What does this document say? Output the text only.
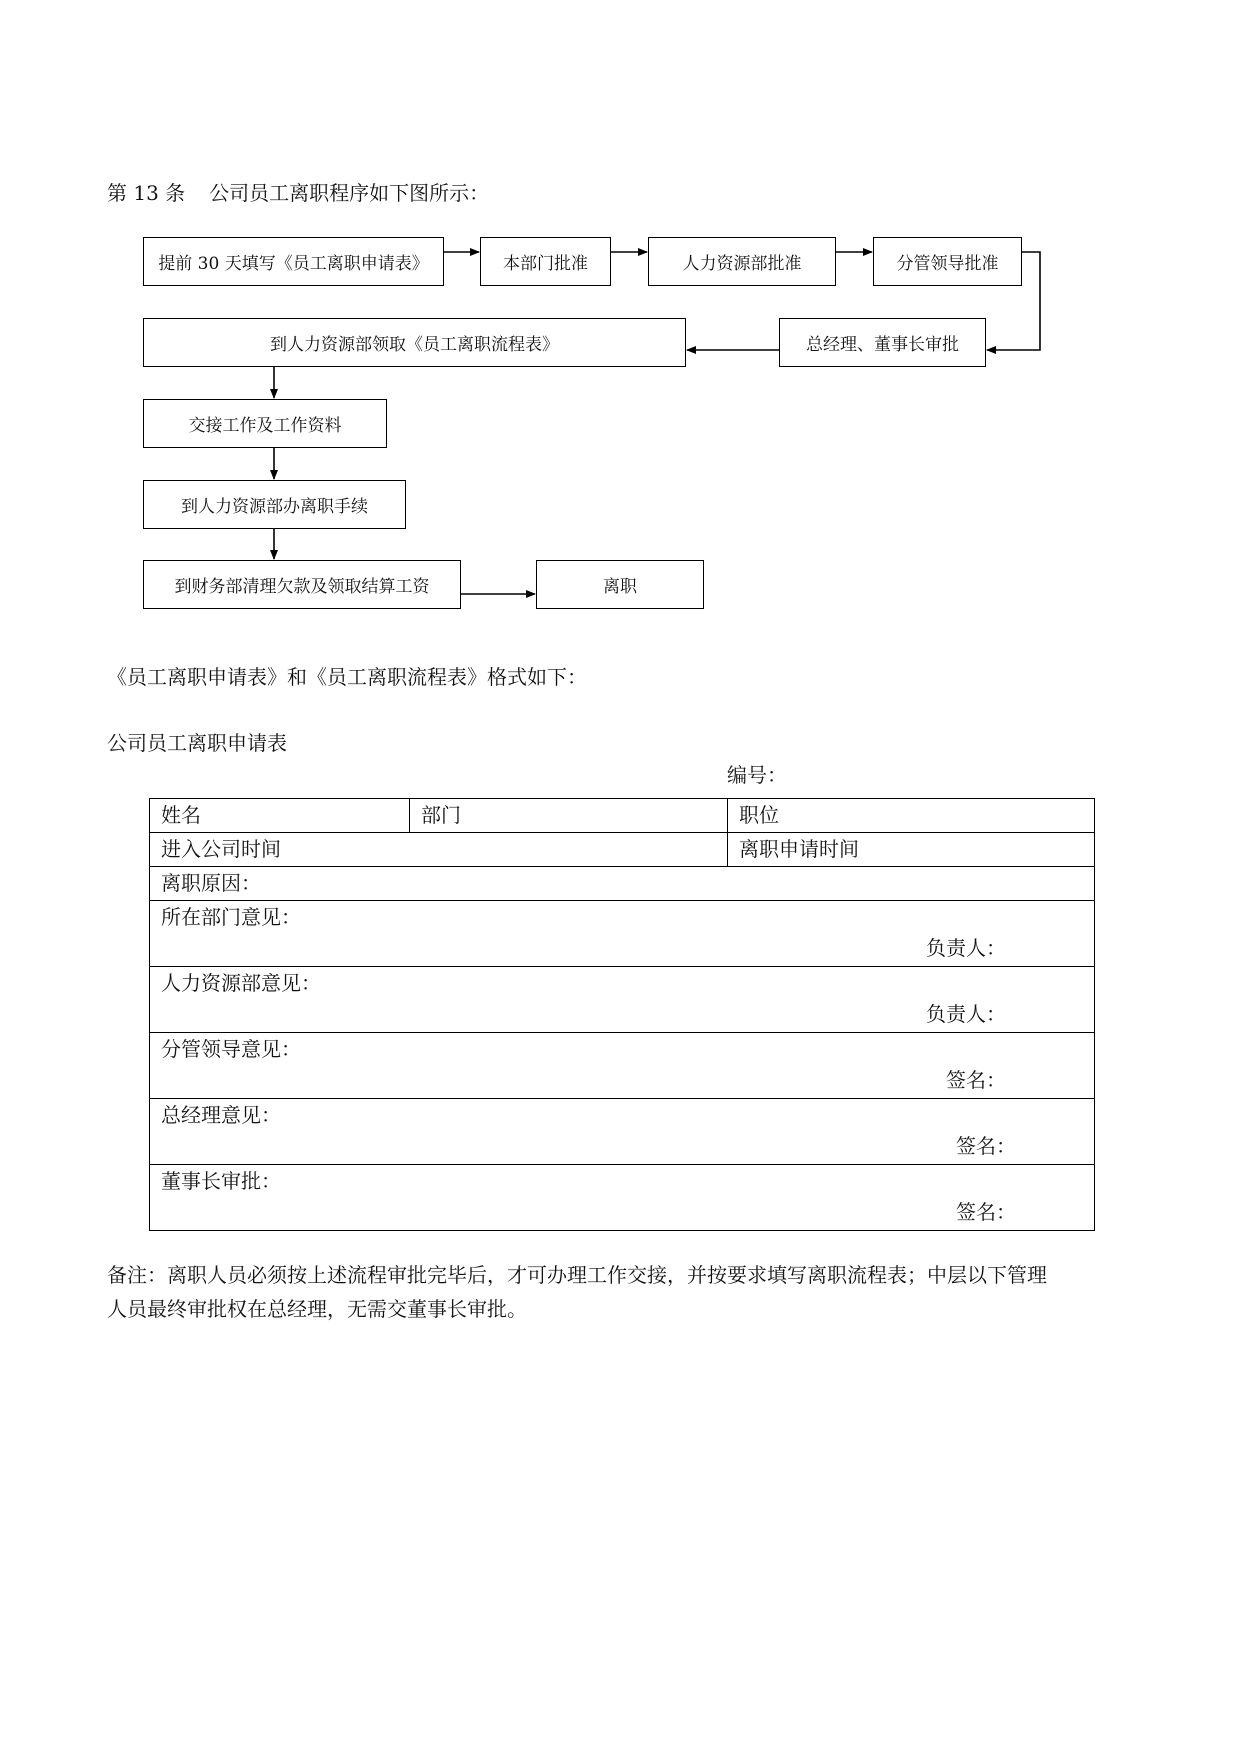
第 13 条 公司员工离职程序如下图所示：
提前 30 天填写《员工离职申请表》	本部门批准	人力资源部批准	分管领导批准
总经理、董事长审批
到人力资源部领取《员工离职流程表》
交接工作及工作资料
到人力资源部办离职手续
到财务部清理欠款及领取结算工资	离职
《员工离职申请表》和《员工离职流程表》格式如下：
公司员工离职申请表
编号：
姓名	部门	职位
进入公司时间		离职申请时间
离职原因：		

所在部门意见：
负责人：		

人力资源部意见：
负责人：		

分管领导意见：
签名：		

总经理意见：
签名：		

董事长审批：
签名：		
备注：离职人员必须按上述流程审批完毕后，才可办理工作交接，并按要求填写离职流程表；中层以下管理
人员最终审批权在总经理，无需交董事长审批。
